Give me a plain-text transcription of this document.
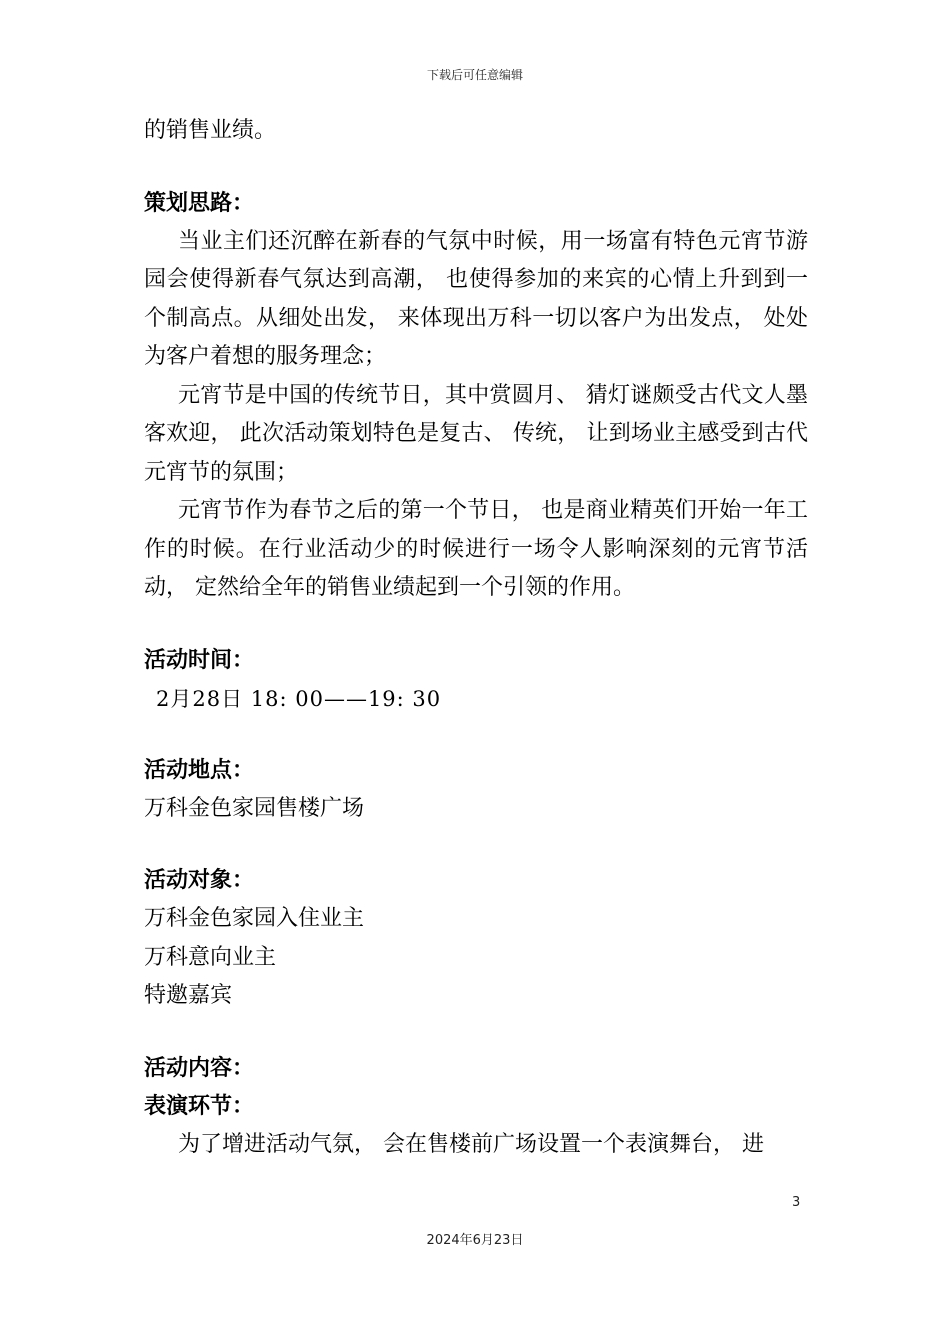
下载后可任意编辑

的销售业绩。

策划思路：

当业主们还沉醉在新春的气氛中时候，用一场富有特色元宵节游园会使得新春气氛达到高潮， 也使得参加的来宾的心情上升到到一个制高点。从细处出发， 来体现出万科一切以客户为出发点， 处处为客户着想的服务理念；

元宵节是中国的传统节日，其中赏圆月、 猜灯谜颇受古代文人墨客欢迎， 此次活动策划特色是复古、 传统， 让到场业主感受到古代元宵节的氛围；

元宵节作为春节之后的第一个节日， 也是商业精英们开始一年工作的时候。在行业活动少的时候进行一场令人影响深刻的元宵节活动， 定然给全年的销售业绩起到一个引领的作用。

活动时间：

2月28日 18: 00——19: 30

活动地点：

万科金色家园售楼广场

活动对象：

万科金色家园入住业主

万科意向业主

特邀嘉宾

活动内容：

表演环节：

为了增进活动气氛， 会在售楼前广场设置一个表演舞台， 进

3
2024年6月23日
